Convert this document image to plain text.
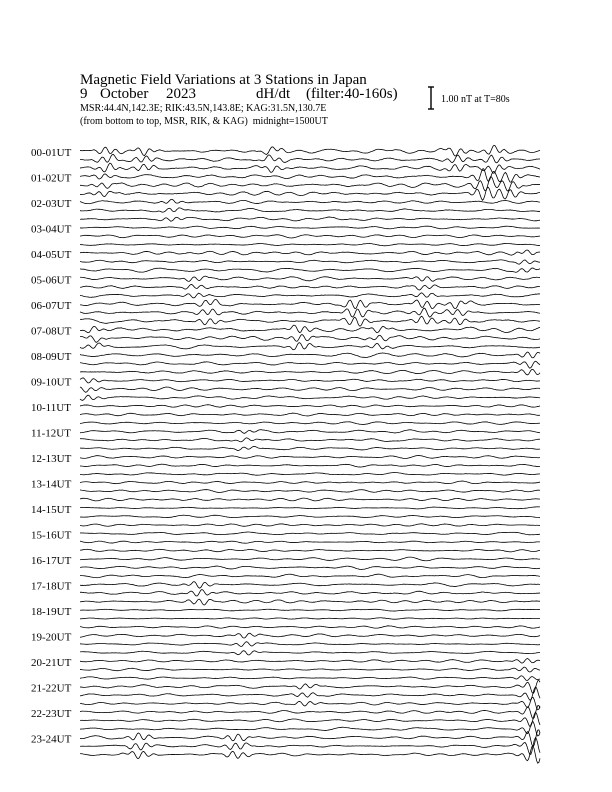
Magnetic Field Variations at 3 Stations in Japan
9 October 2023	dH/dt (filter:40-160s)
MSR:44.4N,142.3E; RIK:43.5N,143.8E; KAG:31.5N,130.7E
(from bottom to top, MSR, RIK, & KAG) midnight=1500UT
1.00 nT at T=80s
00-01UT
01-02UT
02-03UT
03-04UT
04-05UT
05-06UT
06-07UT
07-08UT
08-09UT
09-10UT
10-11UT
11-12UT
12-13UT
13-14UT
14-15UT
15-16UT
16-17UT
17-18UT
18-19UT
19-20UT
20-21UT
21-22UT
22-23UT
23-24UT
